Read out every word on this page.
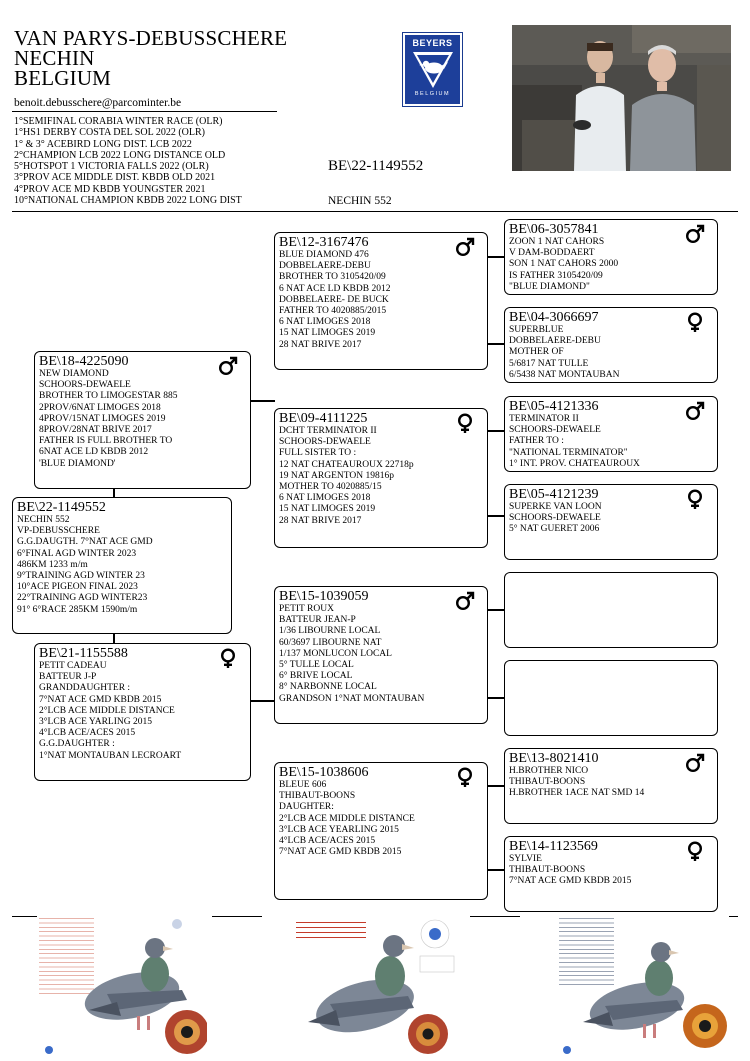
VAN PARYS-DEBUSSCHERE
NECHIN
BELGIUM
benoit.debusschere@parcominter.be
1°SEMIFINAL CORABIA WINTER RACE (OLR)
1°HS1 DERBY COSTA DEL SOL 2022 (OLR)
1° & 3° ACEBIRD LONG DIST. LCB 2022
2°CHAMPION LCB 2022 LONG DISTANCE OLD
5°HOTSPOT 1 VICTORIA FALLS 2022 (OLR)
3°PROV ACE MIDDLE DIST. KBDB OLD 2021
4°PROV ACE MD KBDB YOUNGSTER 2021
10°NATIONAL CHAMPION KBDB 2022 LONG DIST
BEYERS
BELGIUM
BE\22-1149552
NECHIN 552
BE\22-1149552
NECHIN 552
VP-DEBUSSCHERE
G.G.DAUGTH. 7°NAT ACE GMD
6°FINAL AGD WINTER 2023
486KM 1233 m/m
9°TRAINING AGD WINTER 23
10°ACE PIGEON FINAL 2023
22°TRAINING AGD WINTER23
91° 6°RACE 285KM 1590m/m
BE\18-4225090
NEW DIAMOND
SCHOORS-DEWAELE
BROTHER TO LIMOGESTAR 885
2PROV/6NAT LIMOGES 2018
4PROV/15NAT LIMOGES 2019
8PROV/28NAT BRIVE 2017
FATHER IS FULL BROTHER TO
6NAT ACE LD KBDB 2012
'BLUE DIAMOND'
BE\21-1155588
PETIT CADEAU
BATTEUR J-P
GRANDDAUGHTER :
7°NAT ACE GMD KBDB 2015
2°LCB ACE MIDDLE DISTANCE
3°LCB ACE YARLING 2015
4°LCB ACE/ACES 2015
G.G.DAUGHTER :
1°NAT MONTAUBAN LECROART
BE\12-3167476
BLUE DIAMOND 476
DOBBELAERE-DEBU
BROTHER TO 3105420/09
6 NAT ACE LD KBDB 2012
DOBBELAERE- DE BUCK
FATHER TO 4020885/2015
6 NAT LIMOGES 2018
15 NAT LIMOGES 2019
28 NAT BRIVE 2017
BE\09-4111225
DCHT TERMINATOR II
SCHOORS-DEWAELE
FULL SISTER TO :
12 NAT CHATEAUROUX 22718p
19 NAT ARGENTON 19816p
MOTHER TO 4020885/15
6 NAT LIMOGES 2018
15 NAT LIMOGES 2019
28 NAT BRIVE 2017
BE\15-1039059
PETIT ROUX
BATTEUR JEAN-P
1/36 LIBOURNE LOCAL
60/3697 LIBOURNE NAT
1/137 MONLUCON LOCAL
5° TULLE LOCAL
6° BRIVE LOCAL
8° NARBONNE LOCAL
GRANDSON 1°NAT MONTAUBAN
BE\15-1038606
BLEUE 606
THIBAUT-BOONS
DAUGHTER:
2°LCB ACE MIDDLE DISTANCE
3°LCB ACE YEARLING 2015
4°LCB ACE/ACES 2015
7°NAT ACE GMD KBDB 2015
BE\06-3057841
ZOON 1 NAT CAHORS
V DAM-BODDAERT
SON 1 NAT CAHORS 2000
IS FATHER 3105420/09
"BLUE DIAMOND"
BE\04-3066697
SUPERBLUE
DOBBELAERE-DEBU
MOTHER OF
5/6817 NAT TULLE
6/5438 NAT MONTAUBAN
BE\05-4121336
TERMINATOR II
SCHOORS-DEWAELE
FATHER TO :
"NATIONAL TERMINATOR"
1° INT. PROV. CHATEAUROUX
BE\05-4121239
SUPERKE VAN LOON
SCHOORS-DEWAELE
5° NAT GUERET 2006
BE\13-8021410
H.BROTHER NICO
THIBAUT-BOONS
H.BROTHER 1ACE NAT SMD 14
BE\14-1123569
SYLVIE
THIBAUT-BOONS
7°NAT ACE GMD KBDB 2015
